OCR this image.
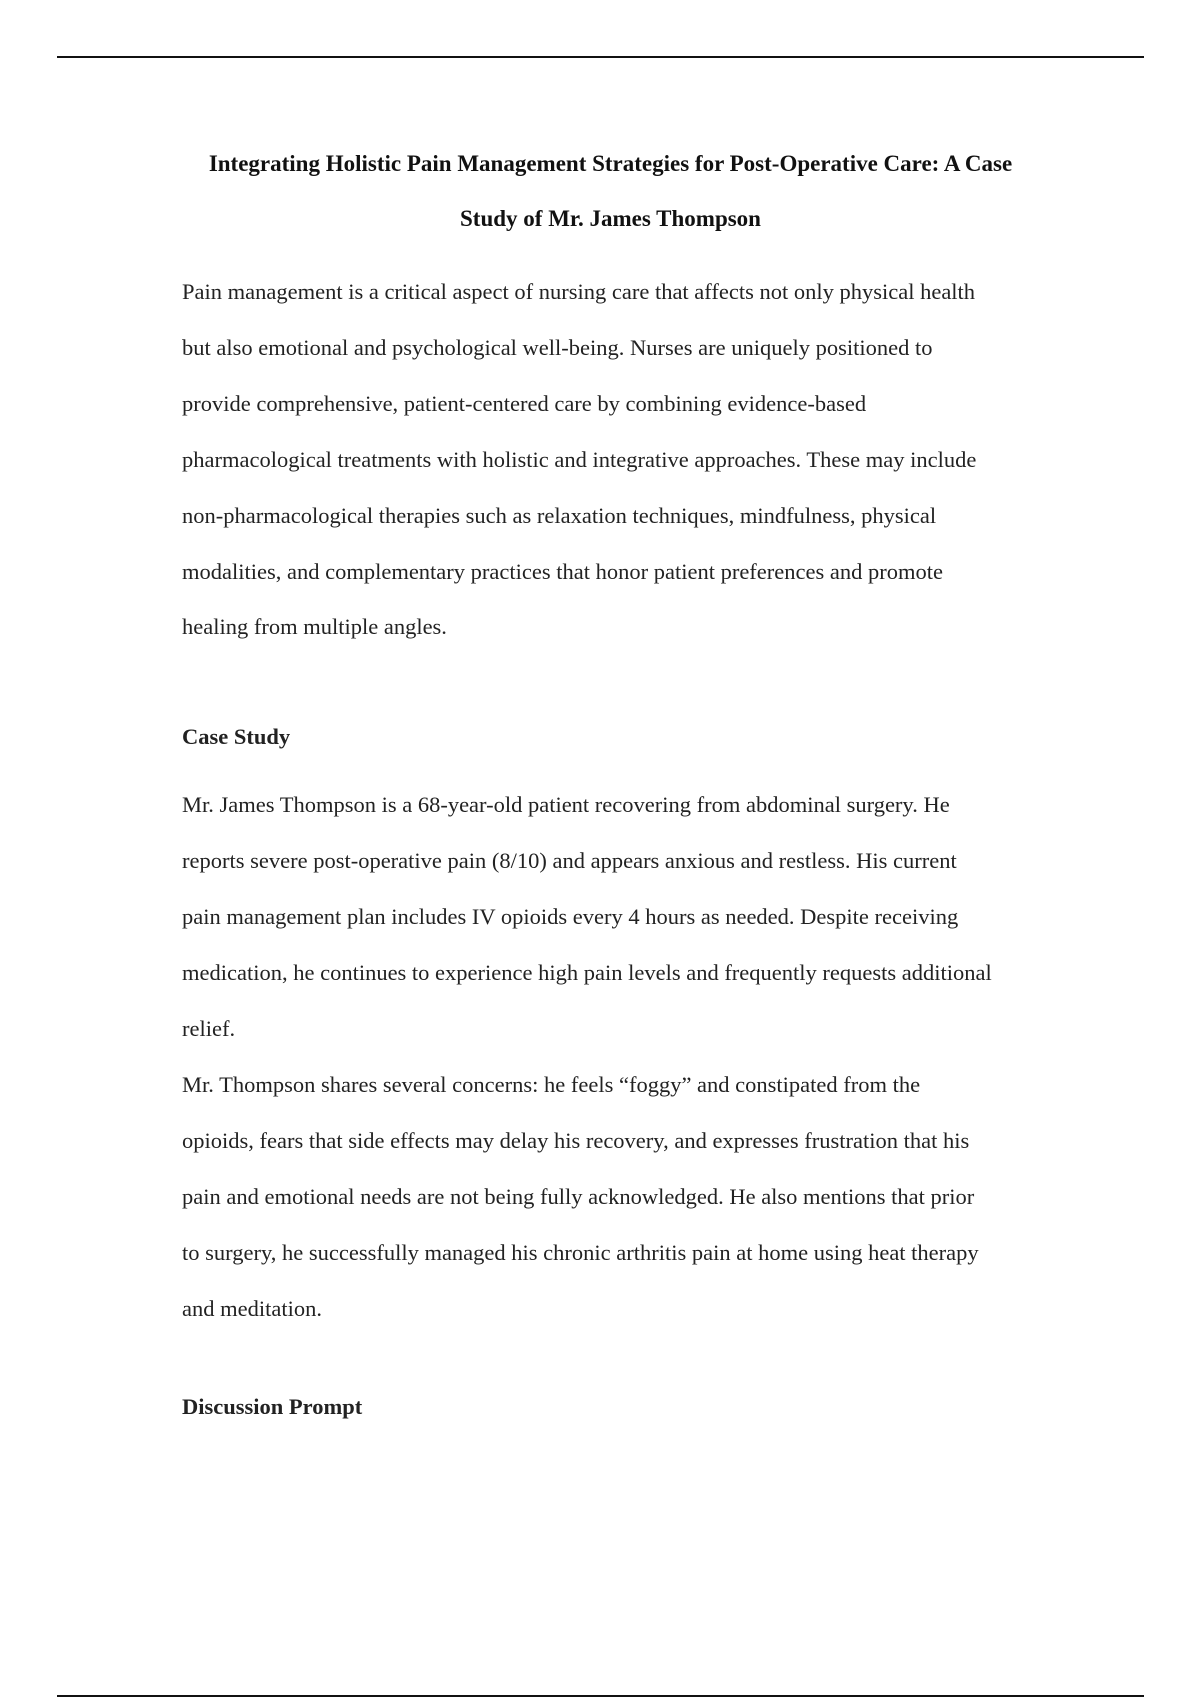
Integrating Holistic Pain Management Strategies for Post-Operative Care: A Case
Study of Mr. James Thompson

Pain management is a critical aspect of nursing care that affects not only physical health
but also emotional and psychological well-being. Nurses are uniquely positioned to
provide comprehensive, patient-centered care by combining evidence-based
pharmacological treatments with holistic and integrative approaches. These may include
non-pharmacological therapies such as relaxation techniques, mindfulness, physical
modalities, and complementary practices that honor patient preferences and promote
healing from multiple angles.

Case Study

Mr. James Thompson is a 68-year-old patient recovering from abdominal surgery. He
reports severe post-operative pain (8/10) and appears anxious and restless. His current
pain management plan includes IV opioids every 4 hours as needed. Despite receiving
medication, he continues to experience high pain levels and frequently requests additional
relief.

Mr. Thompson shares several concerns: he feels “foggy” and constipated from the
opioids, fears that side effects may delay his recovery, and expresses frustration that his
pain and emotional needs are not being fully acknowledged. He also mentions that prior
to surgery, he successfully managed his chronic arthritis pain at home using heat therapy
and meditation.

Discussion Prompt
